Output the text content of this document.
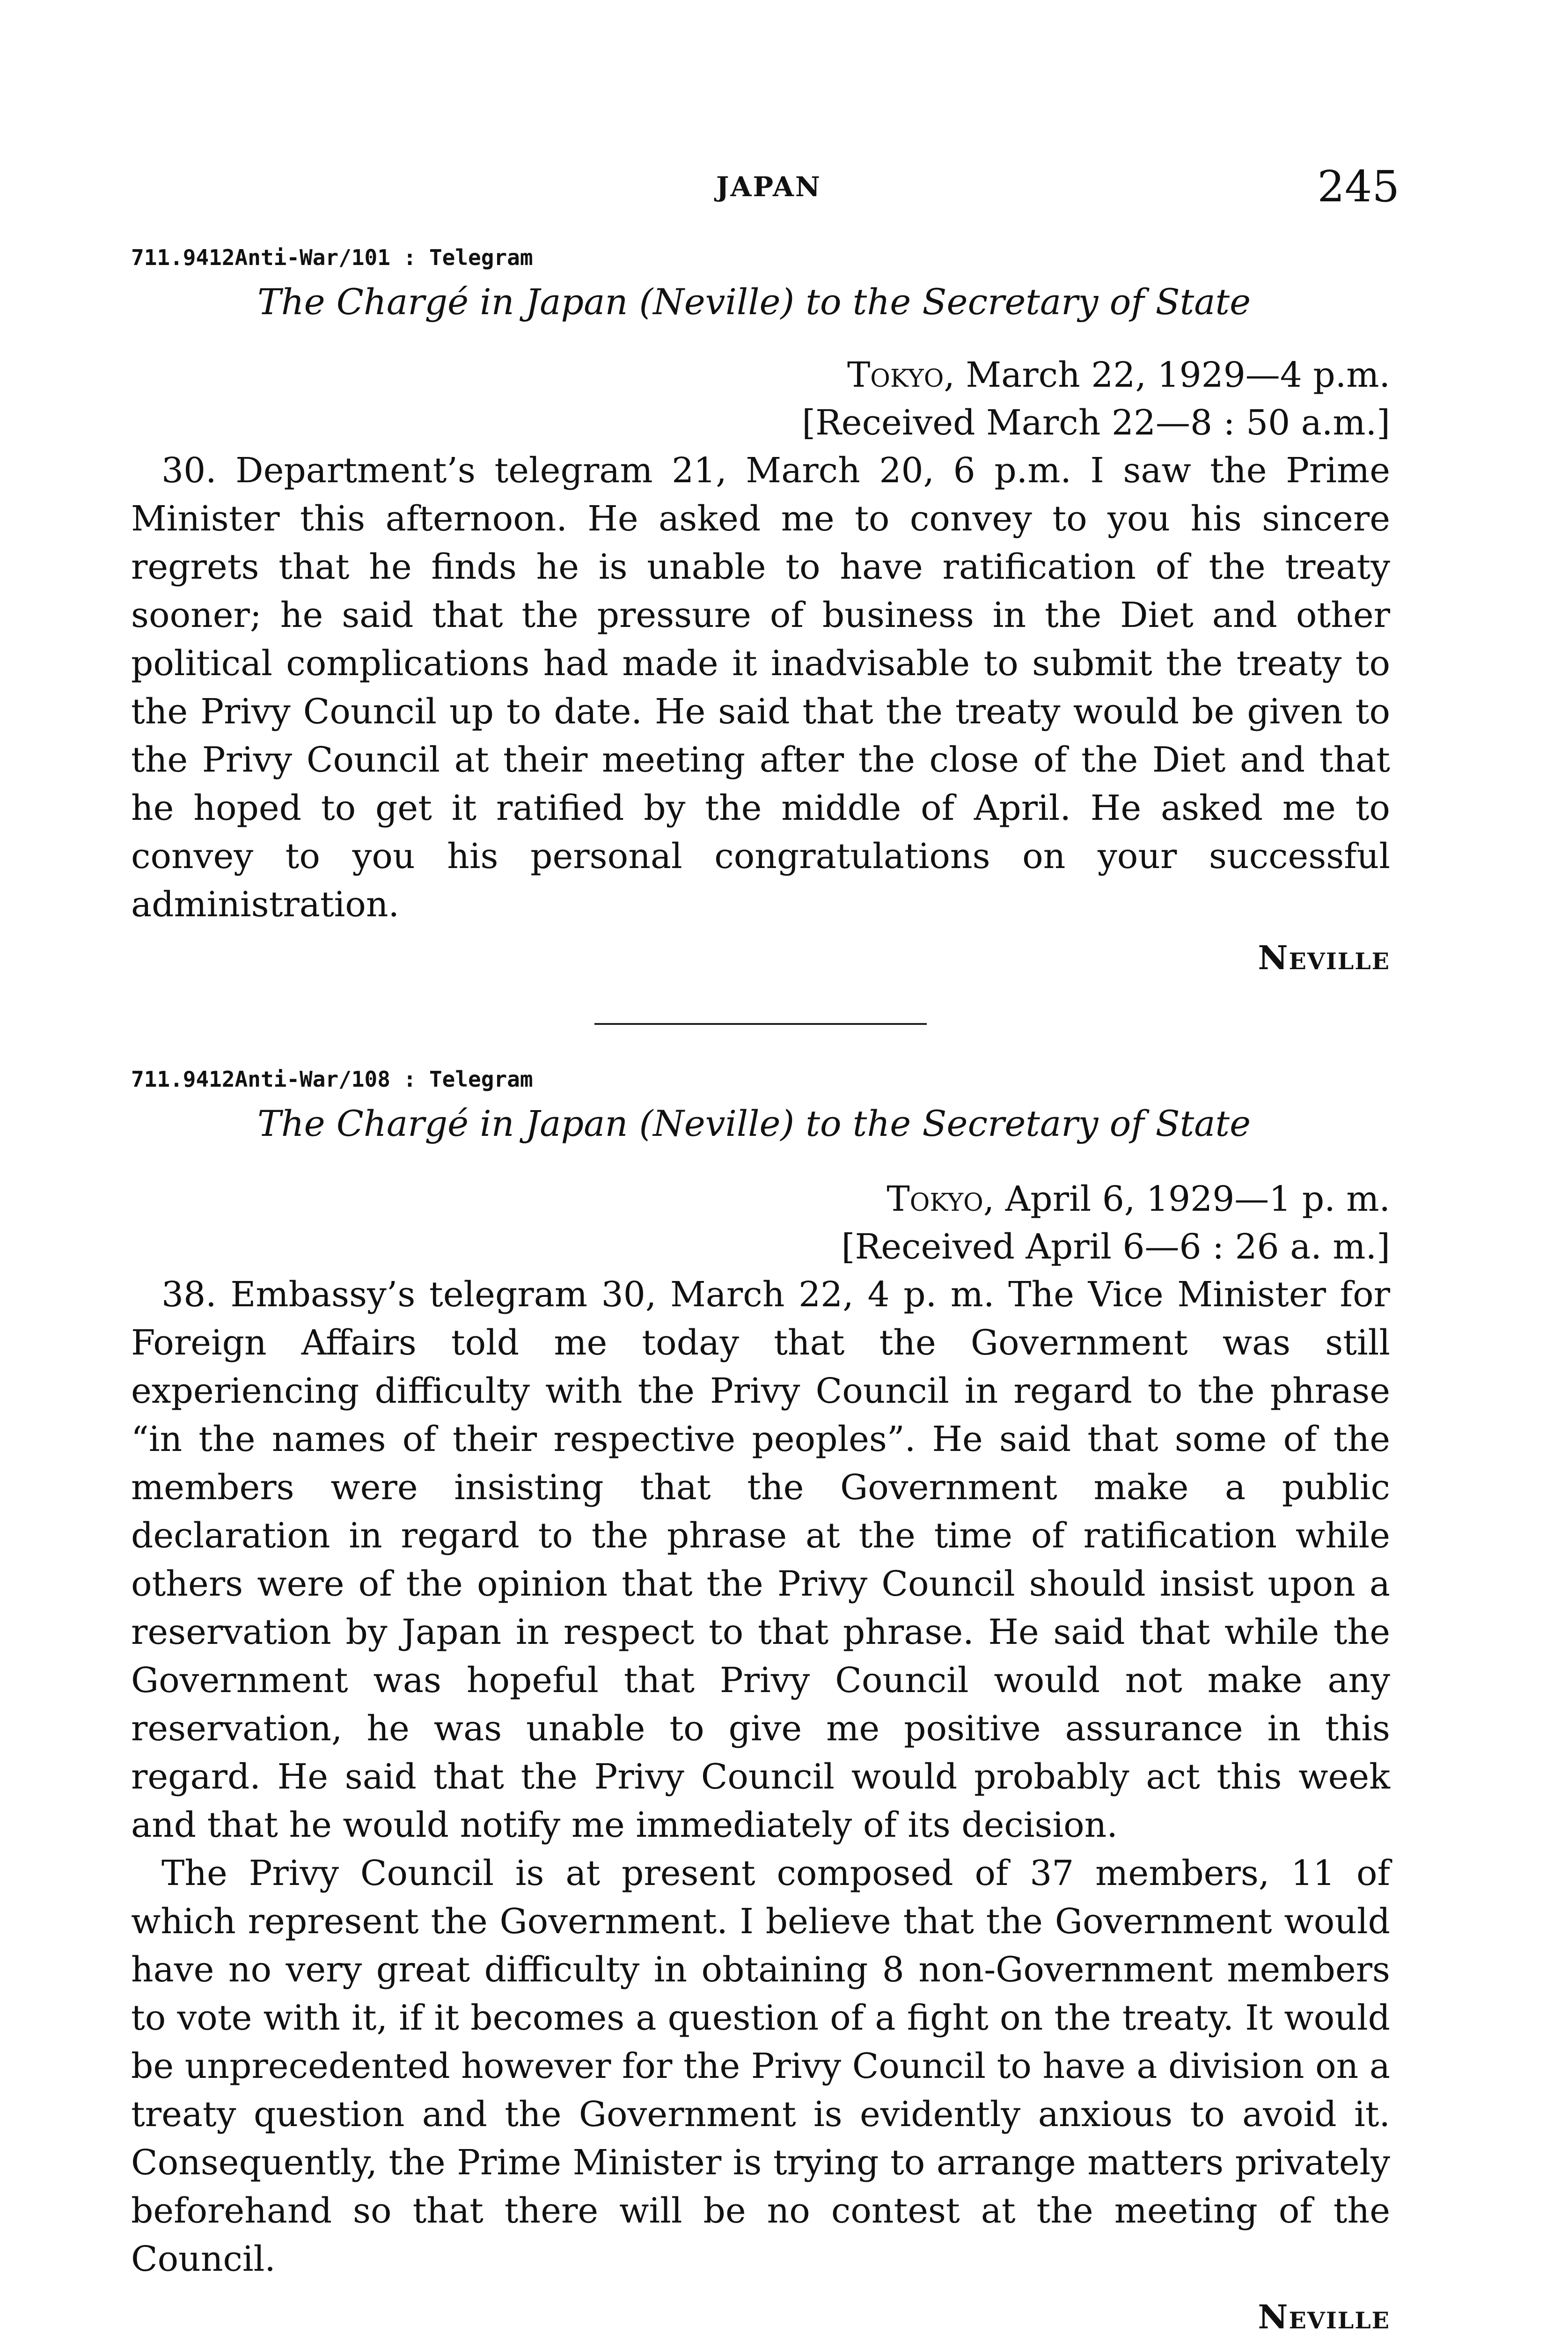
JAPAN	245
711.9412Anti-War/101 : Telegram
The Chargé in Japan (Neville) to the Secretary of State
Tokyo, March 22, 1929—4 p.m.
[Received March 22—8 : 50 a.m.]

30. Department’s telegram 21, March 20, 6 p.m. I saw the Prime Minister this afternoon. He asked me to convey to you his sincere regrets that he finds he is unable to have ratification of the treaty sooner; he said that the pressure of business in the Diet and other political complications had made it inadvisable to submit the treaty to the Privy Council up to date. He said that the treaty would be given to the Privy Council at their meeting after the close of the Diet and that he hoped to get it ratified by the middle of April. He asked me to convey to you his personal congratulations on your successful administration.

Neville
711.9412Anti-War/108 : Telegram
The Chargé in Japan (Neville) to the Secretary of State
Tokyo, April 6, 1929—1 p. m.
[Received April 6—6 : 26 a. m.]

38. Embassy’s telegram 30, March 22, 4 p. m. The Vice Minister for Foreign Affairs told me today that the Government was still experiencing difficulty with the Privy Council in regard to the phrase “in the names of their respective peoples”. He said that some of the members were insisting that the Government make a public declaration in regard to the phrase at the time of ratification while others were of the opinion that the Privy Council should insist upon a reservation by Japan in respect to that phrase. He said that while the Government was hopeful that Privy Council would not make any reservation, he was unable to give me positive assurance in this regard. He said that the Privy Council would probably act this week and that he would notify me immediately of its decision.

The Privy Council is at present composed of 37 members, 11 of which represent the Government. I believe that the Government would have no very great difficulty in obtaining 8 non-Government members to vote with it, if it becomes a question of a fight on the treaty. It would be unprecedented however for the Privy Council to have a division on a treaty question and the Government is evidently anxious to avoid it. Consequently, the Prime Minister is trying to arrange matters privately beforehand so that there will be no contest at the meeting of the Council.

Neville
